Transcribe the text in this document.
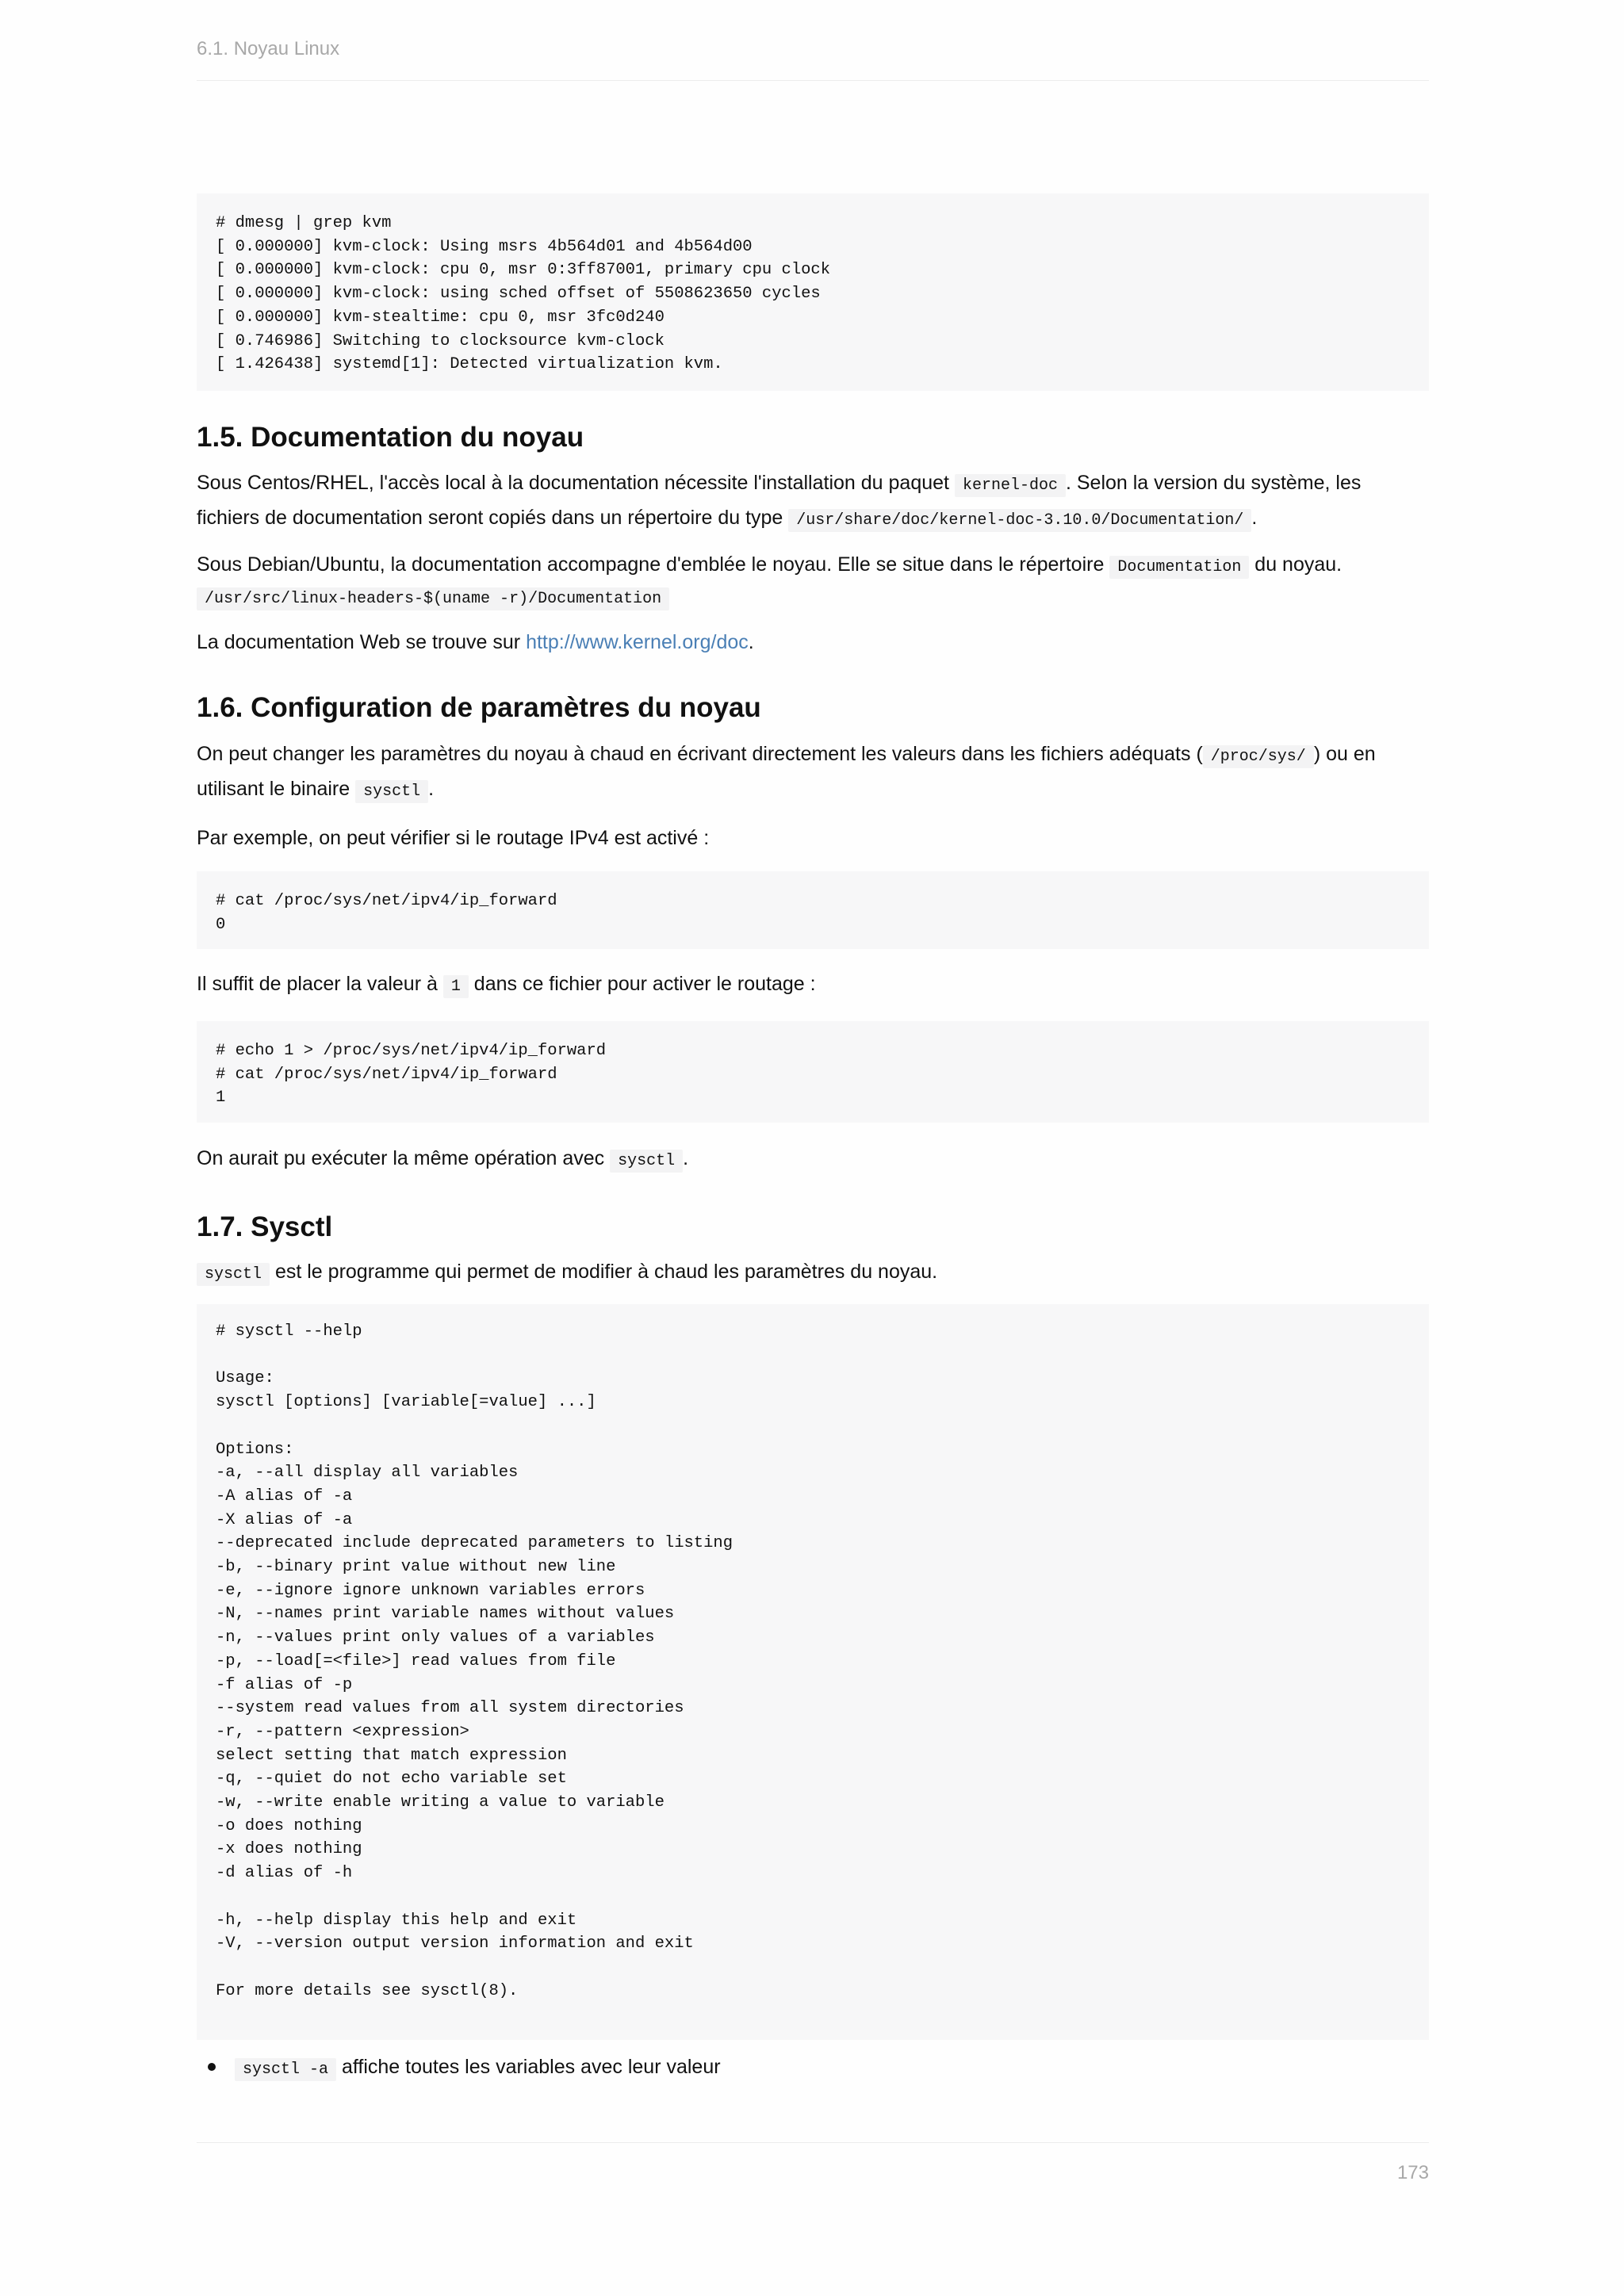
6.1. Noyau Linux
# dmesg | grep kvm
[ 0.000000] kvm-clock: Using msrs 4b564d01 and 4b564d00
[ 0.000000] kvm-clock: cpu 0, msr 0:3ff87001, primary cpu clock
[ 0.000000] kvm-clock: using sched offset of 5508623650 cycles
[ 0.000000] kvm-stealtime: cpu 0, msr 3fc0d240
[ 0.746986] Switching to clocksource kvm-clock
[ 1.426438] systemd[1]: Detected virtualization kvm.
1.5. Documentation du noyau

Sous Centos/RHEL, l'accès local à la documentation nécessite l'installation du paquet kernel-doc . Selon la version du système, les fichiers de documentation seront copiés dans un répertoire du type /usr/share/doc/kernel-doc-3.10.0/Documentation/ .

Sous Debian/Ubuntu, la documentation accompagne d'emblée le noyau. Elle se situe dans le répertoire Documentation du noyau.
/usr/src/linux-headers-$(uname -r)/Documentation

La documentation Web se trouve sur http://www.kernel.org/doc.

1.6. Configuration de paramètres du noyau

On peut changer les paramètres du noyau à chaud en écrivant directement les valeurs dans les fichiers adéquats ( /proc/sys/ ) ou en utilisant le binaire sysctl .

Par exemple, on peut vérifier si le routage IPv4 est activé :

# cat /proc/sys/net/ipv4/ip_forward
0

Il suffit de placer la valeur à 1 dans ce fichier pour activer le routage :

# echo 1 > /proc/sys/net/ipv4/ip_forward
# cat /proc/sys/net/ipv4/ip_forward
1

On aurait pu exécuter la même opération avec sysctl .

1.7. Sysctl

sysctl est le programme qui permet de modifier à chaud les paramètres du noyau.

# sysctl --help

Usage:
sysctl [options] [variable[=value] ...]

Options:
-a, --all display all variables
-A alias of -a
-X alias of -a
--deprecated include deprecated parameters to listing
-b, --binary print value without new line
-e, --ignore ignore unknown variables errors
-N, --names print variable names without values
-n, --values print only values of a variables
-p, --load[=<file>] read values from file
-f alias of -p
--system read values from all system directories
-r, --pattern <expression>
select setting that match expression
-q, --quiet do not echo variable set
-w, --write enable writing a value to variable
-o does nothing
-x does nothing
-d alias of -h

-h, --help display this help and exit
-V, --version output version information and exit

For more details see sysctl(8).
sysctl -a affiche toutes les variables avec leur valeur
173
